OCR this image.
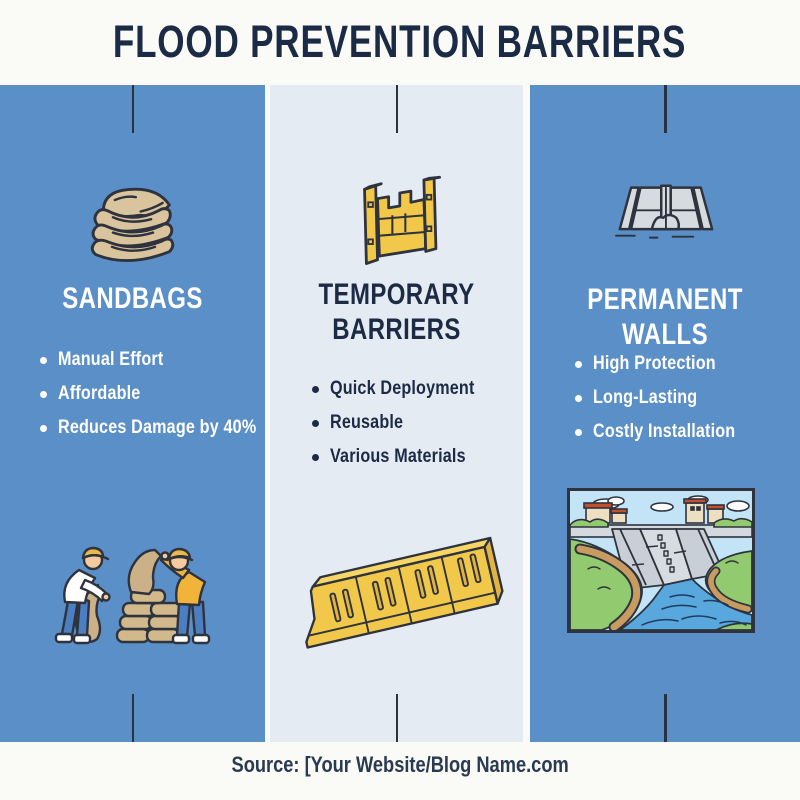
FLOOD PREVENTION BARRIERS
SANDBAGS
Manual Effort
Affordable
Reduces Damage by 40%
TEMPORARY
BARRIERS
Quick Deployment
Reusable
Various Materials
PERMANENT
WALLS
High Protection
Long-Lasting
Costly Installation
Source: [Your Website/Blog Name.com
